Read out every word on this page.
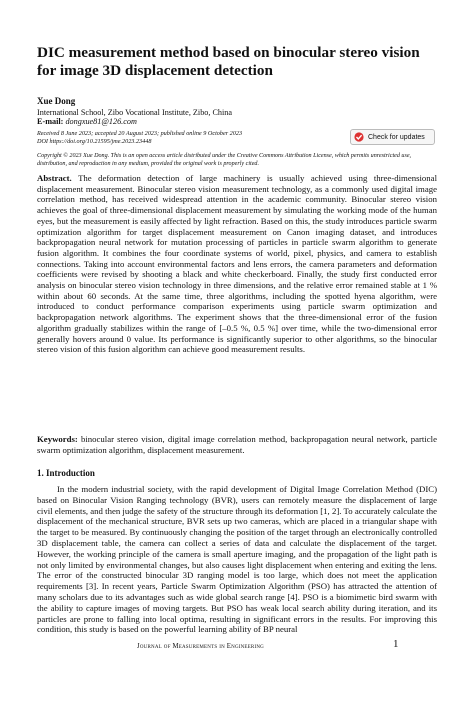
DIC measurement method based on binocular stereo vision for image 3D displacement detection
Xue Dong
International School, Zibo Vocational Institute, Zibo, China
E-mail: dongxue81@126.com
Received 8 June 2023; accepted 20 August 2023; published online 9 October 2023
DOI https://doi.org/10.21595/jme.2023.23448
Check for updates
Copyright © 2023 Xue Dong. This is an open access article distributed under the Creative Commons Attribution License, which permits unrestricted use, distribution, and reproduction in any medium, provided the original work is properly cited.
Abstract. The deformation detection of large machinery is usually achieved using three-dimensional displacement measurement. Binocular stereo vision measurement technology, as a commonly used digital image correlation method, has received widespread attention in the academic community. Binocular stereo vision achieves the goal of three-dimensional displacement measurement by simulating the working mode of the human eyes, but the measurement is easily affected by light refraction. Based on this, the study introduces particle swarm optimization algorithm for target displacement measurement on Canon imaging dataset, and introduces backpropagation neural network for mutation processing of particles in particle swarm algorithm to generate fusion algorithm. It combines the four coordinate systems of world, pixel, physics, and camera to establish connections. Taking into account environmental factors and lens errors, the camera parameters and deformation coefficients were revised by shooting a black and white checkerboard. Finally, the study first conducted error analysis on binocular stereo vision technology in three dimensions, and the relative error remained stable at 1 % within about 60 seconds. At the same time, three algorithms, including the spotted hyena algorithm, were introduced to conduct performance comparison experiments using particle swarm optimization and backpropagation network algorithms. The experiment shows that the three-dimensional error of the fusion algorithm gradually stabilizes within the range of [–0.5 %, 0.5 %] over time, while the two-dimensional error generally hovers around 0 value. Its performance is significantly superior to other algorithms, so the binocular stereo vision of this fusion algorithm can achieve good measurement results.
Keywords: binocular stereo vision, digital image correlation method, backpropagation neural network, particle swarm optimization algorithm, displacement measurement.
1. Introduction
In the modern industrial society, with the rapid development of Digital Image Correlation Method (DIC) based on Binocular Vision Ranging technology (BVR), users can remotely measure the displacement of large civil elements, and then judge the safety of the structure through its deformation [1, 2]. To accurately calculate the displacement of the mechanical structure, BVR sets up two cameras, which are placed in a triangular shape with the target to be measured. By continuously changing the position of the target through an electronically controlled 3D displacement table, the camera can collect a series of data and calculate the displacement of the target. However, the working principle of the camera is small aperture imaging, and the propagation of the light path is not only limited by environmental changes, but also causes light displacement when entering and exiting the lens. The error of the constructed binocular 3D ranging model is too large, which does not meet the application requirements [3]. In recent years, Particle Swarm Optimization Algorithm (PSO) has attracted the attention of many scholars due to its advantages such as wide global search range [4]. PSO is a biomimetic bird swarm with the ability to capture images of moving targets. But PSO has weak local search ability during iteration, and its particles are prone to falling into local optima, resulting in significant errors in the results. For improving this condition, this study is based on the powerful learning ability of BP neural
Journal of Measurements in Engineering	1
